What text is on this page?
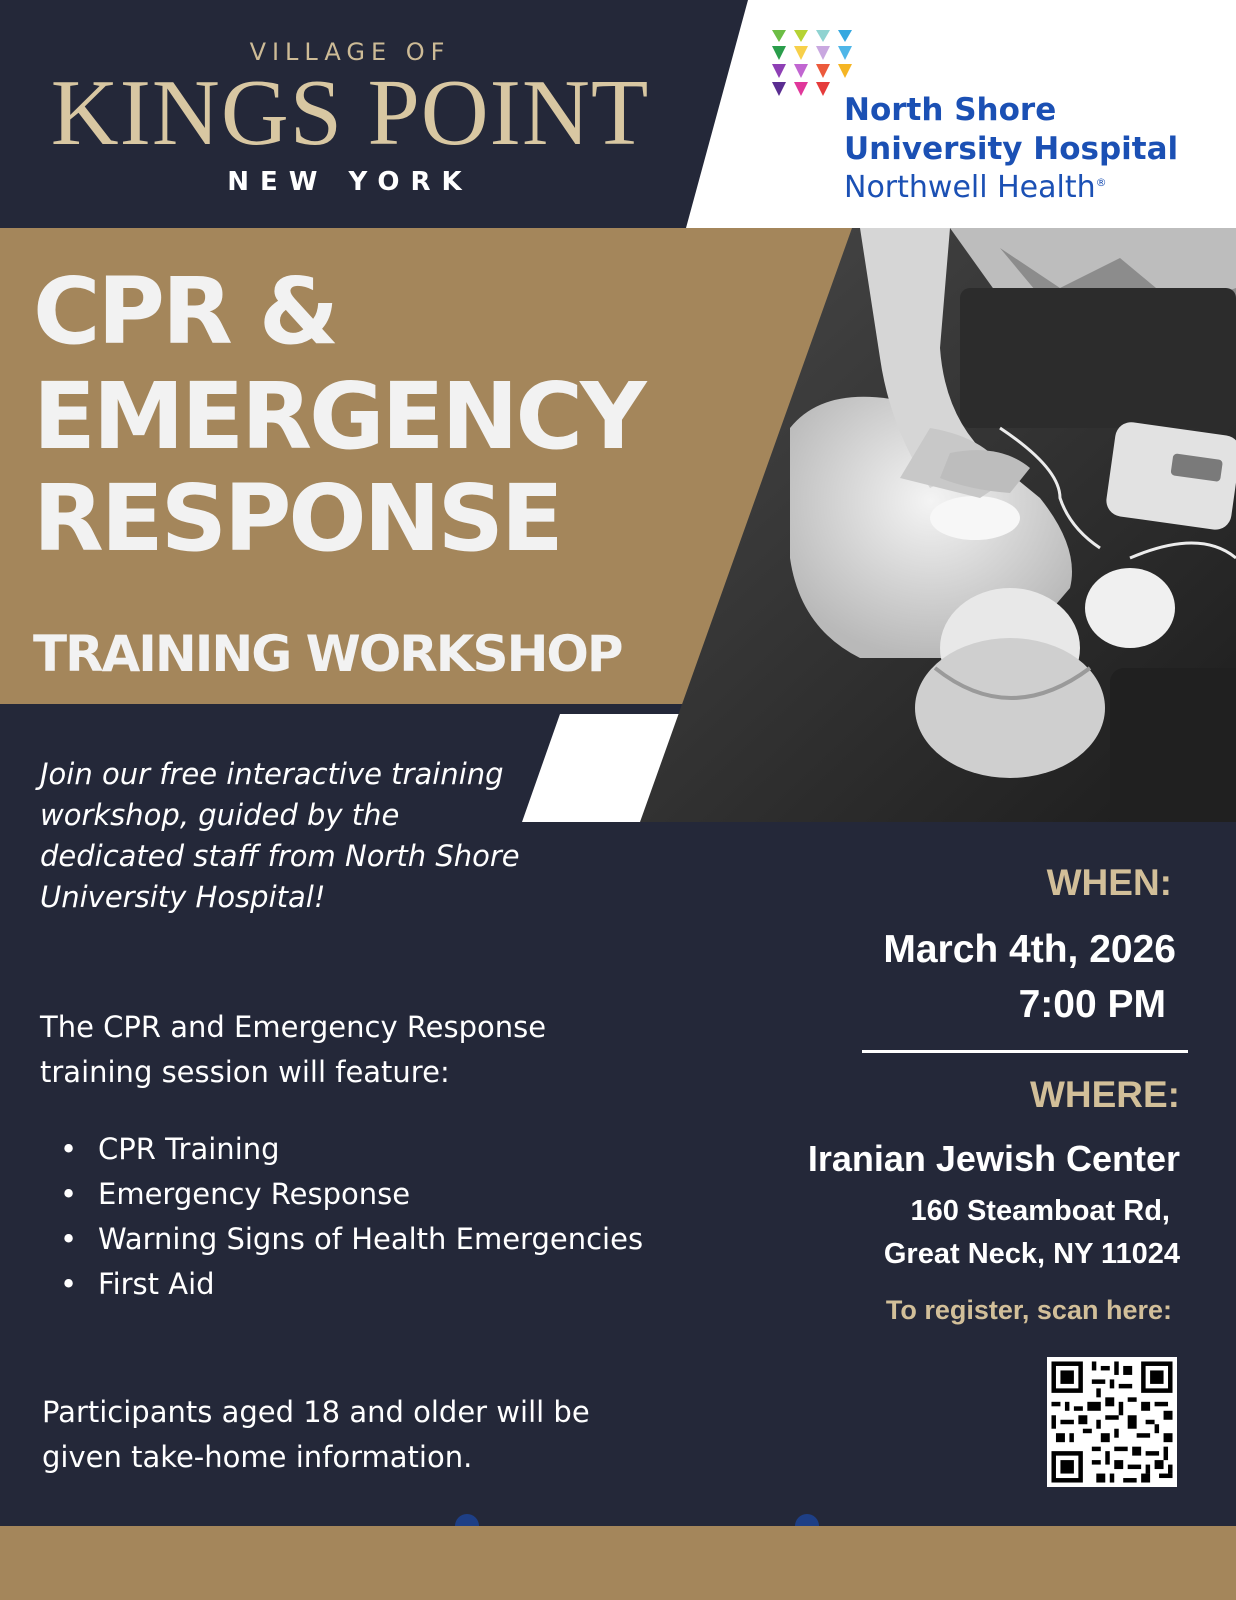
VILLAGE OF
KINGS POINT
NEW YORK
North Shore
University Hospital
Northwell Health®
CPR &
EMERGENCY
RESPONSE
TRAINING WORKSHOP
Join our free interactive training workshop, guided by the dedicated staff from North Shore University Hospital!
The CPR and Emergency Response training session will feature:
• CPR Training
• Emergency Response
• Warning Signs of Health Emergencies
• First Aid
Participants aged 18 and older will be given take-home information.
WHEN:
March 4th, 2026
7:00 PM
WHERE:
Iranian Jewish Center
160 Steamboat Rd,
Great Neck, NY 11024
To register, scan here:
